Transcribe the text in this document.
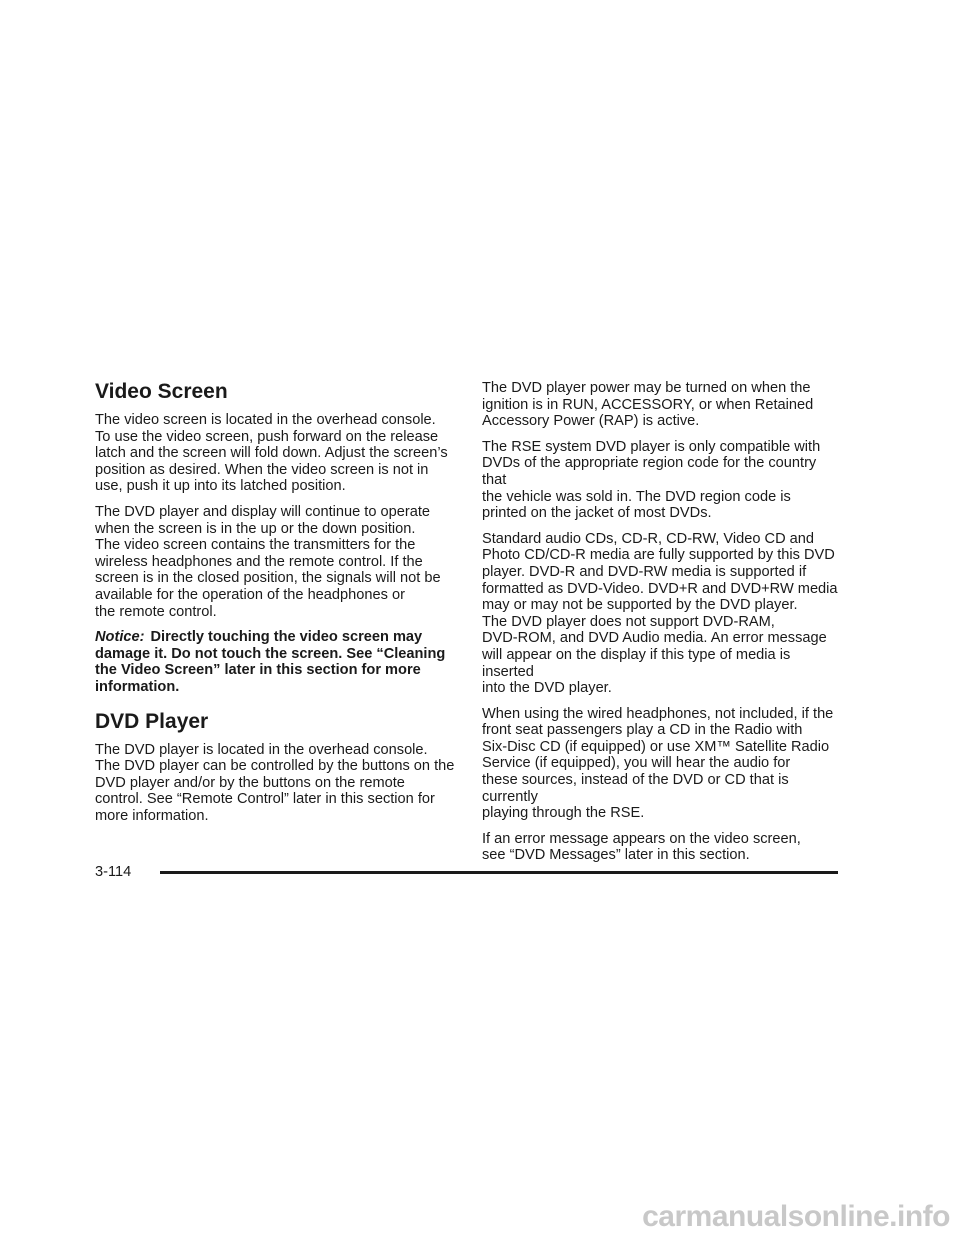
Video Screen

The video screen is located in the overhead console.
To use the video screen, push forward on the release
latch and the screen will fold down. Adjust the screen’s
position as desired. When the video screen is not in
use, push it up into its latched position.

The DVD player and display will continue to operate
when the screen is in the up or the down position.
The video screen contains the transmitters for the
wireless headphones and the remote control. If the
screen is in the closed position, the signals will not be
available for the operation of the headphones or
the remote control.

Notice: Directly touching the video screen may
damage it. Do not touch the screen. See “Cleaning
the Video Screen” later in this section for more
information.

DVD Player

The DVD player is located in the overhead console.
The DVD player can be controlled by the buttons on the
DVD player and/or by the buttons on the remote
control. See “Remote Control” later in this section for
more information.

The DVD player power may be turned on when the
ignition is in RUN, ACCESSORY, or when Retained
Accessory Power (RAP) is active.

The RSE system DVD player is only compatible with
DVDs of the appropriate region code for the country that
the vehicle was sold in. The DVD region code is
printed on the jacket of most DVDs.

Standard audio CDs, CD-R, CD-RW, Video CD and
Photo CD/CD-R media are fully supported by this DVD
player. DVD-R and DVD-RW media is supported if
formatted as DVD-Video. DVD+R and DVD+RW media
may or may not be supported by the DVD player.
The DVD player does not support DVD-RAM,
DVD-ROM, and DVD Audio media. An error message
will appear on the display if this type of media is inserted
into the DVD player.

When using the wired headphones, not included, if the
front seat passengers play a CD in the Radio with
Six-Disc CD (if equipped) or use XM™ Satellite Radio
Service (if equipped), you will hear the audio for
these sources, instead of the DVD or CD that is currently
playing through the RSE.

If an error message appears on the video screen,
see “DVD Messages” later in this section.

3-114
carmanualsonline.info
